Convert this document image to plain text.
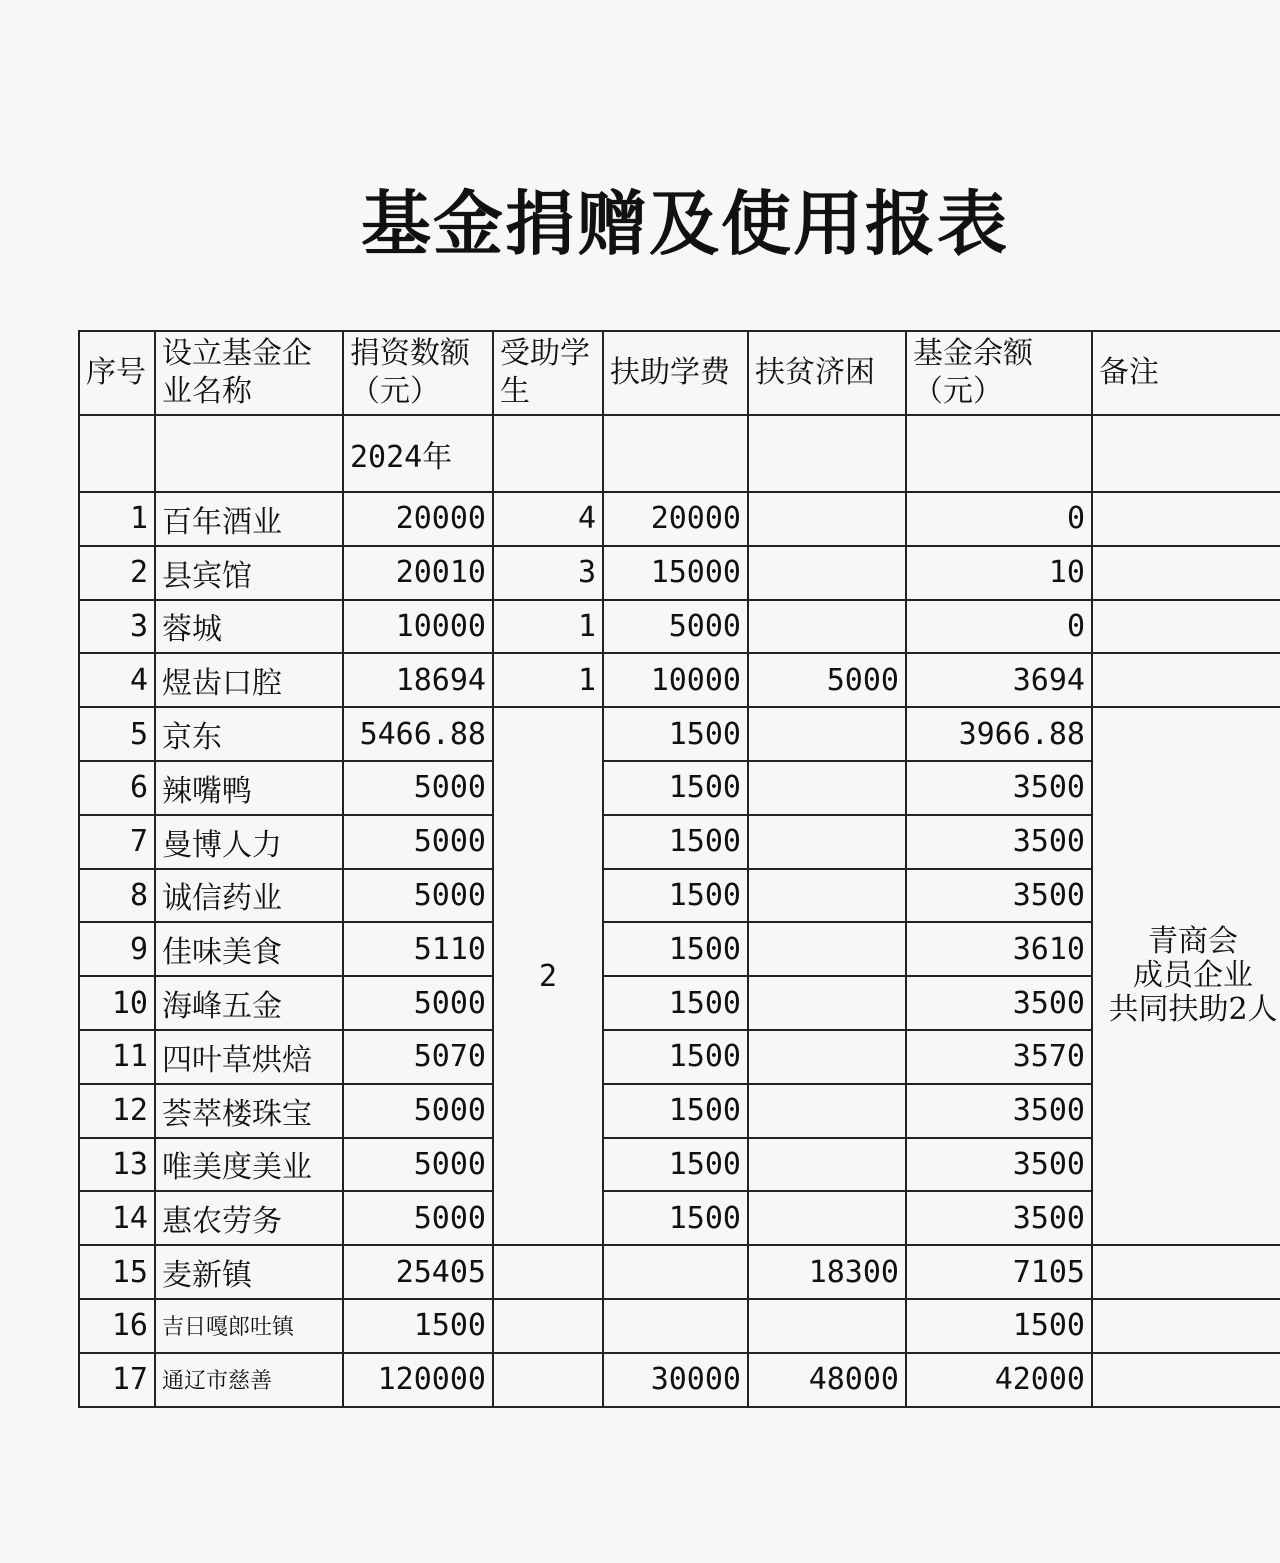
基金捐赠及使用报表
序号	设立基金企业名称	捐资数额（元）	受助学生	扶助学费	扶贫济困	基金余额（元）	备注

		2024年					
1	百年酒业	20000	4	20000		0	
2	县宾馆	20010	3	15000		10	
3	蓉城	10000	1	5000		0	
4	煜齿口腔	18694	1	10000	5000	3694	
5	京东	5466.88	2	1500		3966.88	青商会
成员企业
共同扶助2人

6	辣嘴鸭	5000		1500		3500	
7	曼博人力	5000		1500		3500	
8	诚信药业	5000		1500		3500	
9	佳味美食	5110		1500		3610	
10	海峰五金	5000		1500		3500	
11	四叶草烘焙	5070		1500		3570	
12	荟萃楼珠宝	5000		1500		3500	
13	唯美度美业	5000		1500		3500	
14	惠农劳务	5000		1500		3500	
15	麦新镇	25405			18300	7105	
16	吉日嘎郎吐镇	1500				1500	
17	通辽市慈善	120000		30000	48000	42000	
